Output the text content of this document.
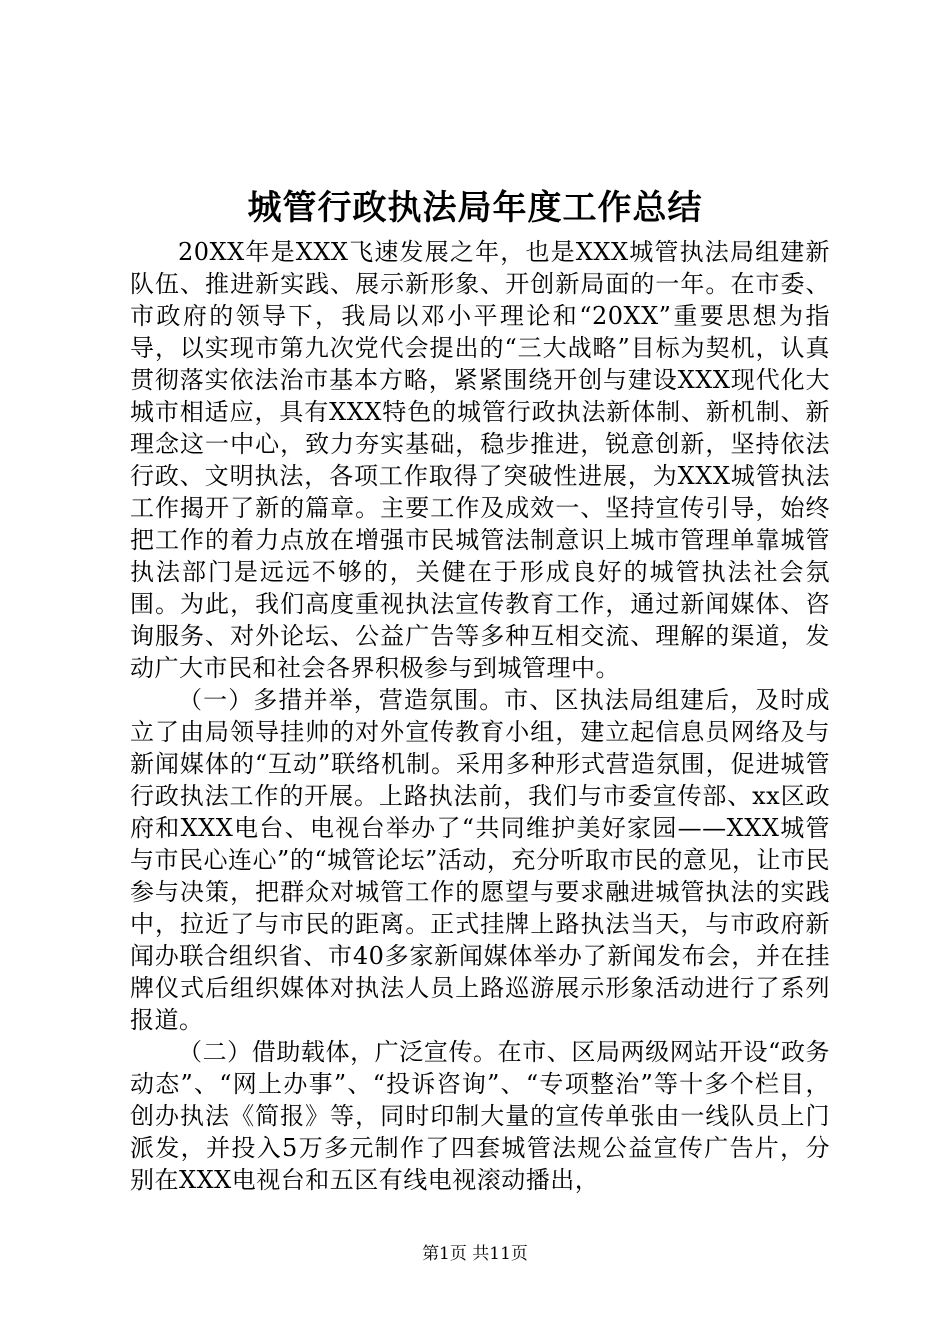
城管行政执法局年度工作总结

20XX年是XXX飞速发展之年，也是XXX城管执法局组建新队伍、推进新实践、展示新形象、开创新局面的一年。在市委、市政府的领导下，我局以邓小平理论和“20XX”重要思想为指导，以实现市第九次党代会提出的“三大战略”目标为契机，认真贯彻落实依法治市基本方略，紧紧围绕开创与建设XXX现代化大城市相适应，具有XXX特色的城管行政执法新体制、新机制、新理念这一中心，致力夯实基础，稳步推进，锐意创新，坚持依法行政、文明执法，各项工作取得了突破性进展，为XXX城管执法工作揭开了新的篇章。主要工作及成效一、坚持宣传引导，始终把工作的着力点放在增强市民城管法制意识上城市管理单靠城管执法部门是远远不够的，关健在于形成良好的城管执法社会氛围。为此，我们高度重视执法宣传教育工作，通过新闻媒体、咨询服务、对外论坛、公益广告等多种互相交流、理解的渠道，发动广大市民和社会各界积极参与到城管理中。

（一）多措并举，营造氛围。市、区执法局组建后，及时成立了由局领导挂帅的对外宣传教育小组，建立起信息员网络及与新闻媒体的“互动”联络机制。采用多种形式营造氛围，促进城管行政执法工作的开展。上路执法前，我们与市委宣传部、xx区政府和XXX电台、电视台举办了“共同维护美好家园——XXX城管与市民心连心”的“城管论坛”活动，充分听取市民的意见，让市民参与决策，把群众对城管工作的愿望与要求融进城管执法的实践中，拉近了与市民的距离。正式挂牌上路执法当天，与市政府新闻办联合组织省、市40多家新闻媒体举办了新闻发布会，并在挂牌仪式后组织媒体对执法人员上路巡游展示形象活动进行了系列报道。

（二）借助载体，广泛宣传。在市、区局两级网站开设“政务动态”、“网上办事”、“投诉咨询”、“专项整治”等十多个栏目，创办执法《简报》等，同时印制大量的宣传单张由一线队员上门派发，并投入5万多元制作了四套城管法规公益宣传广告片，分别在XXX电视台和五区有线电视滚动播出，

第1页 共11页
